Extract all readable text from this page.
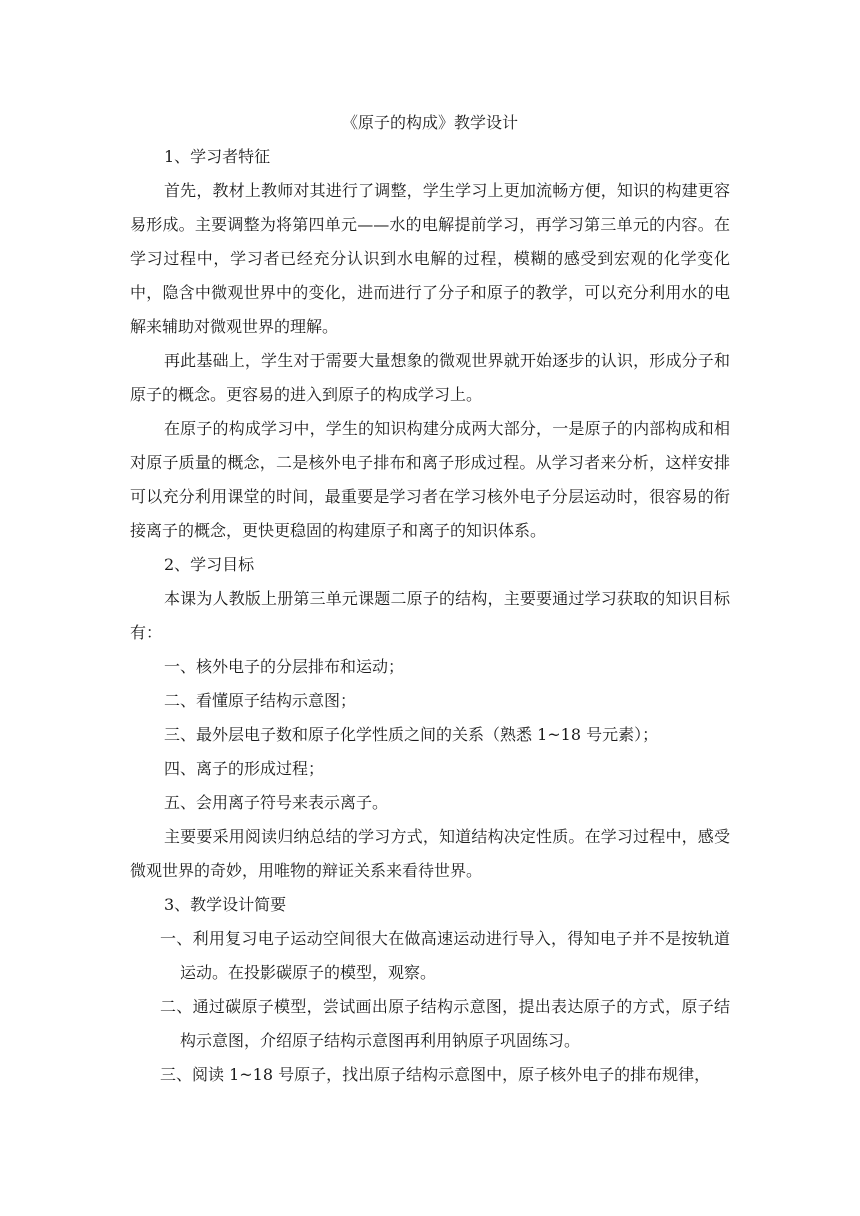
《原子的构成》教学设计

1、学习者特征

首先，教材上教师对其进行了调整，学生学习上更加流畅方便，知识的构建更容易形成。主要调整为将第四单元——水的电解提前学习，再学习第三单元的内容。在学习过程中，学习者已经充分认识到水电解的过程，模糊的感受到宏观的化学变化中，隐含中微观世界中的变化，进而进行了分子和原子的教学，可以充分利用水的电解来辅助对微观世界的理解。

再此基础上，学生对于需要大量想象的微观世界就开始逐步的认识，形成分子和原子的概念。更容易的进入到原子的构成学习上。

在原子的构成学习中，学生的知识构建分成两大部分，一是原子的内部构成和相对原子质量的概念，二是核外电子排布和离子形成过程。从学习者来分析，这样安排可以充分利用课堂的时间，最重要是学习者在学习核外电子分层运动时，很容易的衔接离子的概念，更快更稳固的构建原子和离子的知识体系。

2、学习目标

本课为人教版上册第三单元课题二原子的结构，主要要通过学习获取的知识目标有：

一、核外电子的分层排布和运动；

二、看懂原子结构示意图；

三、最外层电子数和原子化学性质之间的关系（熟悉 1~18 号元素）；

四、离子的形成过程；

五、会用离子符号来表示离子。

主要要采用阅读归纳总结的学习方式，知道结构决定性质。在学习过程中，感受微观世界的奇妙，用唯物的辩证关系来看待世界。

3、教学设计简要

一、利用复习电子运动空间很大在做高速运动进行导入，得知电子并不是按轨道运动。在投影碳原子的模型，观察。

二、通过碳原子模型，尝试画出原子结构示意图，提出表达原子的方式，原子结构示意图，介绍原子结构示意图再利用钠原子巩固练习。

三、阅读 1~18 号原子，找出原子结构示意图中，原子核外电子的排布规律，
